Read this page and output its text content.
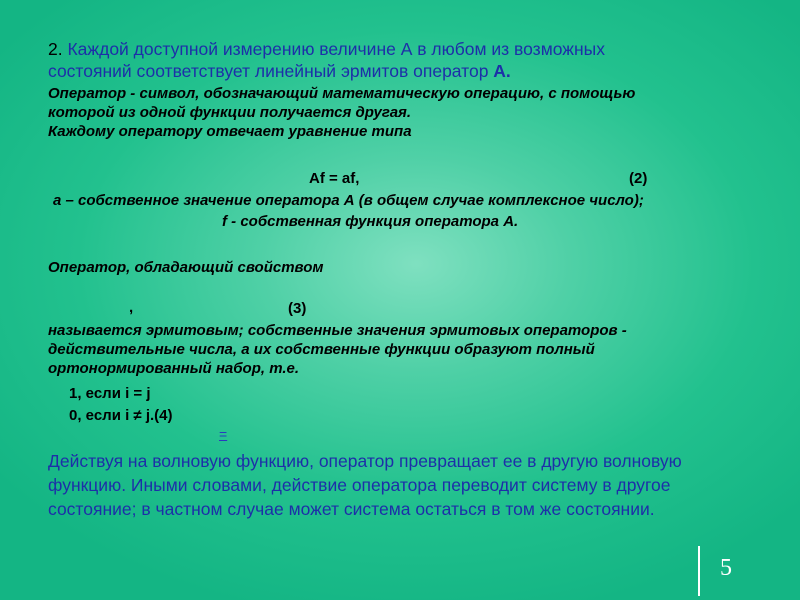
2. Каждой доступной измерению величине А в любом из возможных
состояний соответствует линейный эрмитов оператор А.
Оператор - символ, обозначающий математическую операцию, с помощью
которой из одной функции получается другая.
Каждому оператору отвечает уравнение типа
Af = af,	(2)
а – собственное значение оператора А (в общем случае комплексное число);
f - собственная функция оператора А.
Оператор, обладающий свойством
,	(3)
называется эрмитовым; собственные значения эрмитовых операторов -
действительные числа, а их собственные функции образуют полный
ортонормированный набор, т.е.
1, если i = j
0, если i ≠ j.(4)
=
Действуя на волновую функцию, оператор превращает ее в другую волновую функцию. Иными словами, действие оператора переводит систему в другое состояние; в частном случае может система остаться в том же состоянии.
5
